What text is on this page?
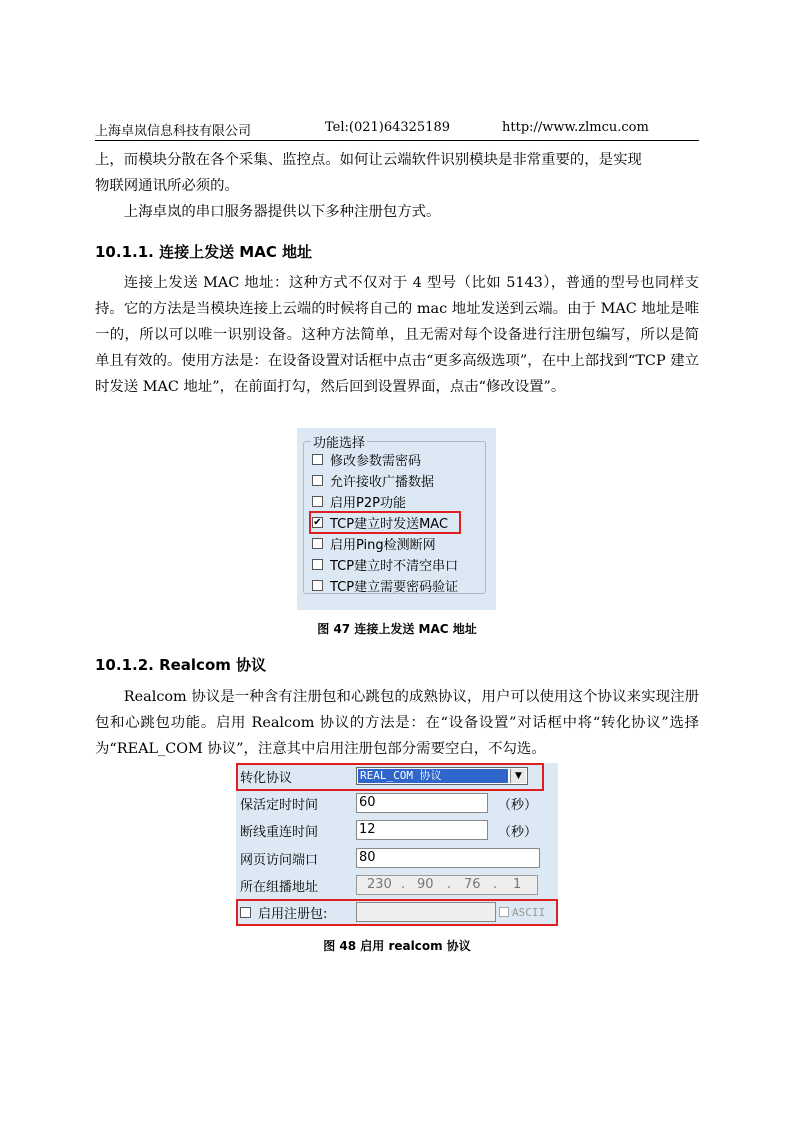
上海卓岚信息科技有限公司	Tel:(021)64325189	http://www.zlmcu.com

上，而模块分散在各个采集、监控点。如何让云端软件识别模块是非常重要的，是实现

物联网通讯所必须的。

上海卓岚的串口服务器提供以下多种注册包方式。

10.1.1. 连接上发送 MAC 地址

连接上发送 MAC 地址：这种方式不仅对于 4 型号（比如 5143），普通的型号也同样支持。它的方法是当模块连接上云端的时候将自己的 mac 地址发送到云端。由于 MAC 地址是唯一的，所以可以唯一识别设备。这种方法简单，且无需对每个设备进行注册包编写，所以是简单且有效的。使用方法是：在设备设置对话框中点击“更多高级选项”，在中上部找到“TCP 建立时发送 MAC 地址”，在前面打勾，然后回到设置界面，点击“修改设置”。

功能选择
修改参数需密码
允许接收广播数据
启用P2P功能
✔ TCP建立时发送MAC
启用Ping检测断网
TCP建立时不清空串口
TCP建立需要密码验证
图 47 连接上发送 MAC 地址
10.1.2. Realcom 协议

Realcom 协议是一种含有注册包和心跳包的成熟协议，用户可以使用这个协议来实现注册包和心跳包功能。启用 Realcom 协议的方法是：在“设备设置”对话框中将“转化协议”选择为“REAL_COM 协议”，注意其中启用注册包部分需要空白，不勾选。

转化协议	REAL_COM 协议	▼
保活定时时间	60	（秒）
断线重连时间	12	（秒）
网页访问端口	80
所在组播地址	230 . 90 . 76 . 1
启用注册包:	ASCII
图 48 启用 realcom 协议
